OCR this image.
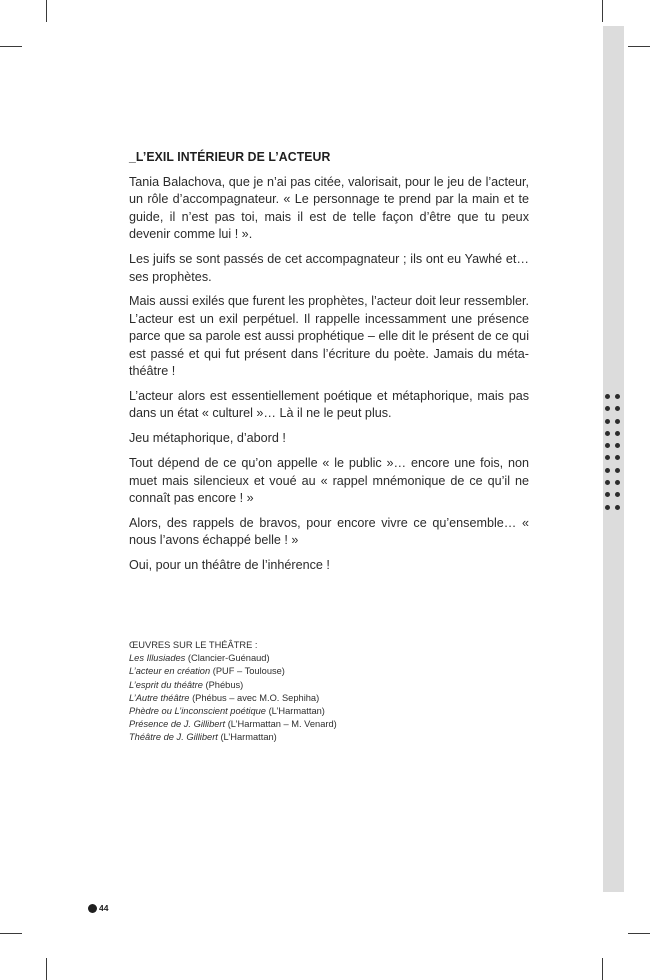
_L’EXIL INTÉRIEUR DE L’ACTEUR

Tania Balachova, que je n’ai pas citée, valorisait, pour le jeu de l’acteur, un rôle d’accompagnateur. « Le personnage te prend par la main et te guide, il n’est pas toi, mais il est de telle façon d’être que tu peux devenir comme lui ! ».

Les juifs se sont passés de cet accompagnateur ; ils ont eu Yawhé et… ses prophètes.

Mais aussi exilés que furent les prophètes, l’acteur doit leur ressembler. L’acteur est un exil perpétuel. Il rappelle incessamment une présence parce que sa parole est aussi prophétique – elle dit le présent de ce qui est passé et qui fut présent dans l’écriture du poète. Jamais du méta-théâtre !

L’acteur alors est essentiellement poétique et métaphorique, mais pas dans un état « culturel »… Là il ne le peut plus.

Jeu métaphorique, d’abord !

Tout dépend de ce qu’on appelle « le public »… encore une fois, non muet mais silencieux et voué au « rappel mnémonique de ce qu’il ne connaît pas encore ! »

Alors, des rappels de bravos, pour encore vivre ce qu’ensemble… « nous l’avons échappé belle ! »

Oui, pour un théâtre de l’inhérence !

ŒUVRES SUR LE THÉÂTRE :
Les Illusiades (Clancier-Guénaud)
L’acteur en création (PUF – Toulouse)
L’esprit du théâtre (Phébus)
L’Autre théâtre (Phébus – avec M.O. Sephiha)
Phèdre ou L’inconscient poétique (L’Harmattan)
Présence de J. Gillibert (L’Harmattan – M. Venard)
Théâtre de J. Gillibert (L’Harmattan)
44
